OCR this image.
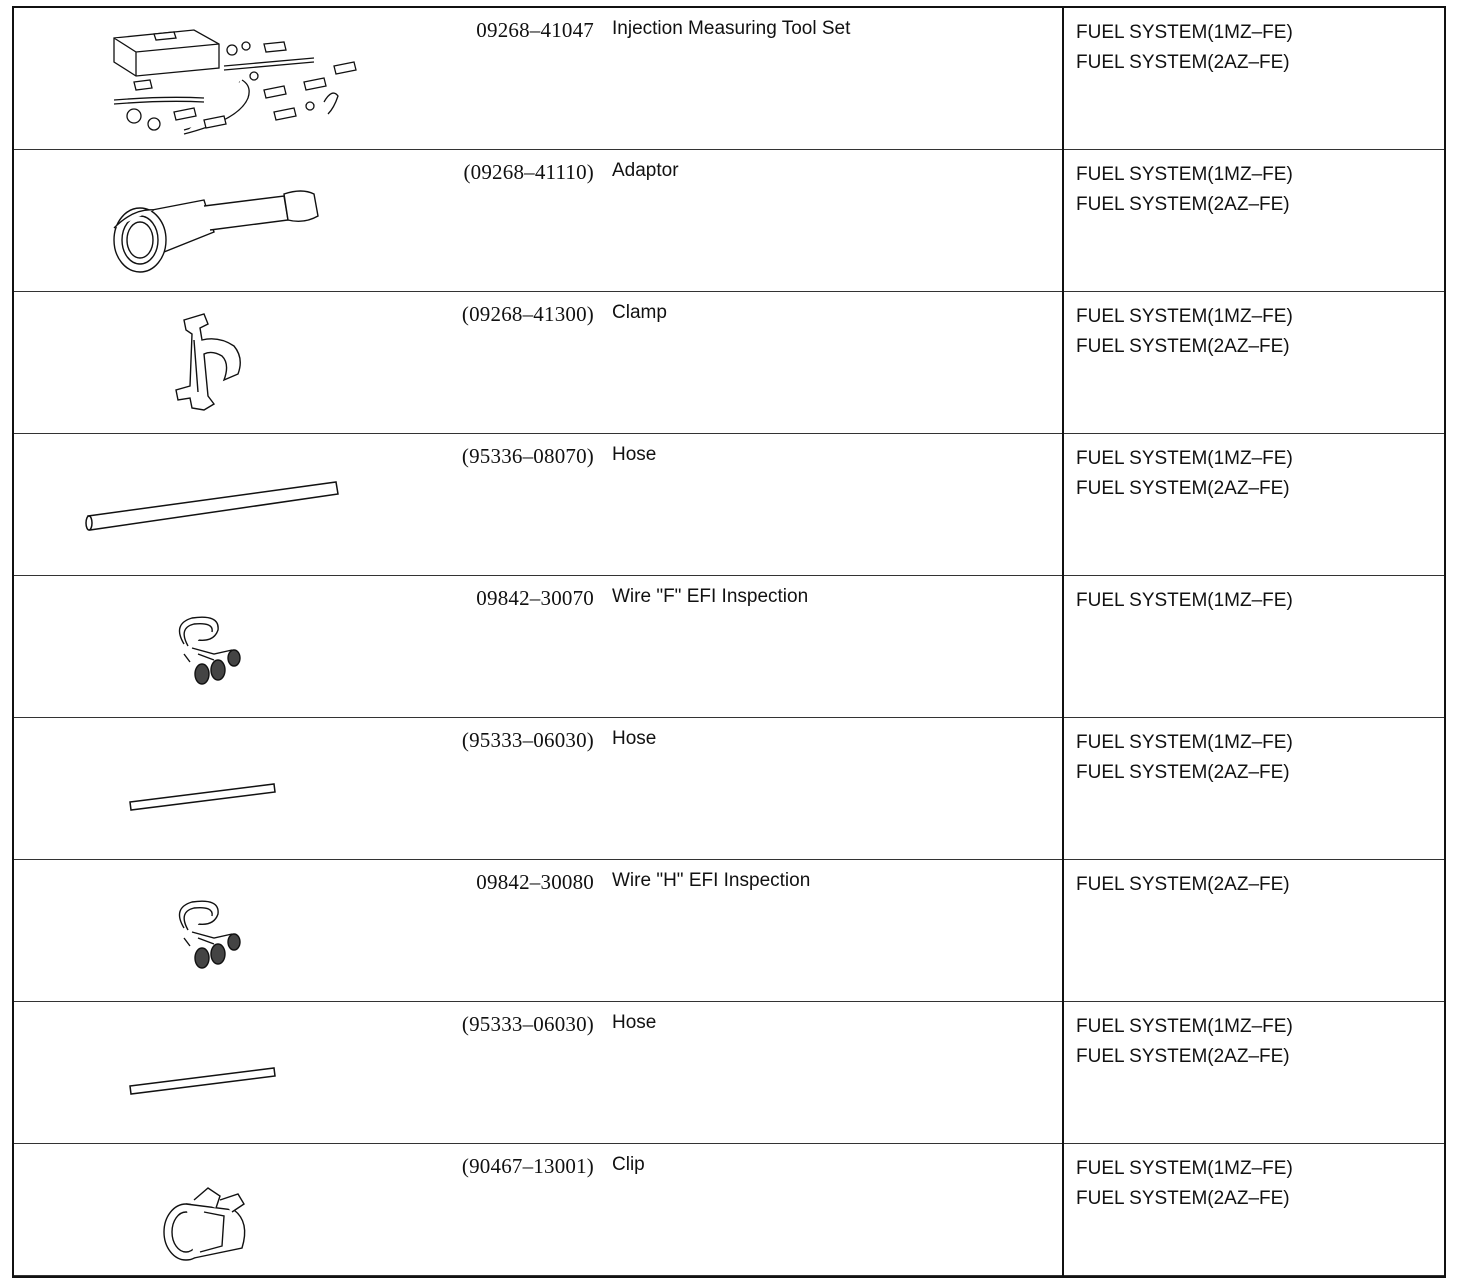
09268–41047 Injection Measuring Tool Set	FUEL SYSTEM(1MZ–FE)
FUEL SYSTEM(2AZ–FE)
(09268–41110) Adaptor	FUEL SYSTEM(1MZ–FE)
FUEL SYSTEM(2AZ–FE)
(09268–41300) Clamp	FUEL SYSTEM(1MZ–FE)
FUEL SYSTEM(2AZ–FE)
(95336–08070) Hose	FUEL SYSTEM(1MZ–FE)
FUEL SYSTEM(2AZ–FE)
09842–30070 Wire "F" EFI Inspection	FUEL SYSTEM(1MZ–FE)
(95333–06030) Hose	FUEL SYSTEM(1MZ–FE)
FUEL SYSTEM(2AZ–FE)
09842–30080 Wire "H" EFI Inspection	FUEL SYSTEM(2AZ–FE)
(95333–06030) Hose	FUEL SYSTEM(1MZ–FE)
FUEL SYSTEM(2AZ–FE)
(90467–13001) Clip	FUEL SYSTEM(1MZ–FE)
FUEL SYSTEM(2AZ–FE)
